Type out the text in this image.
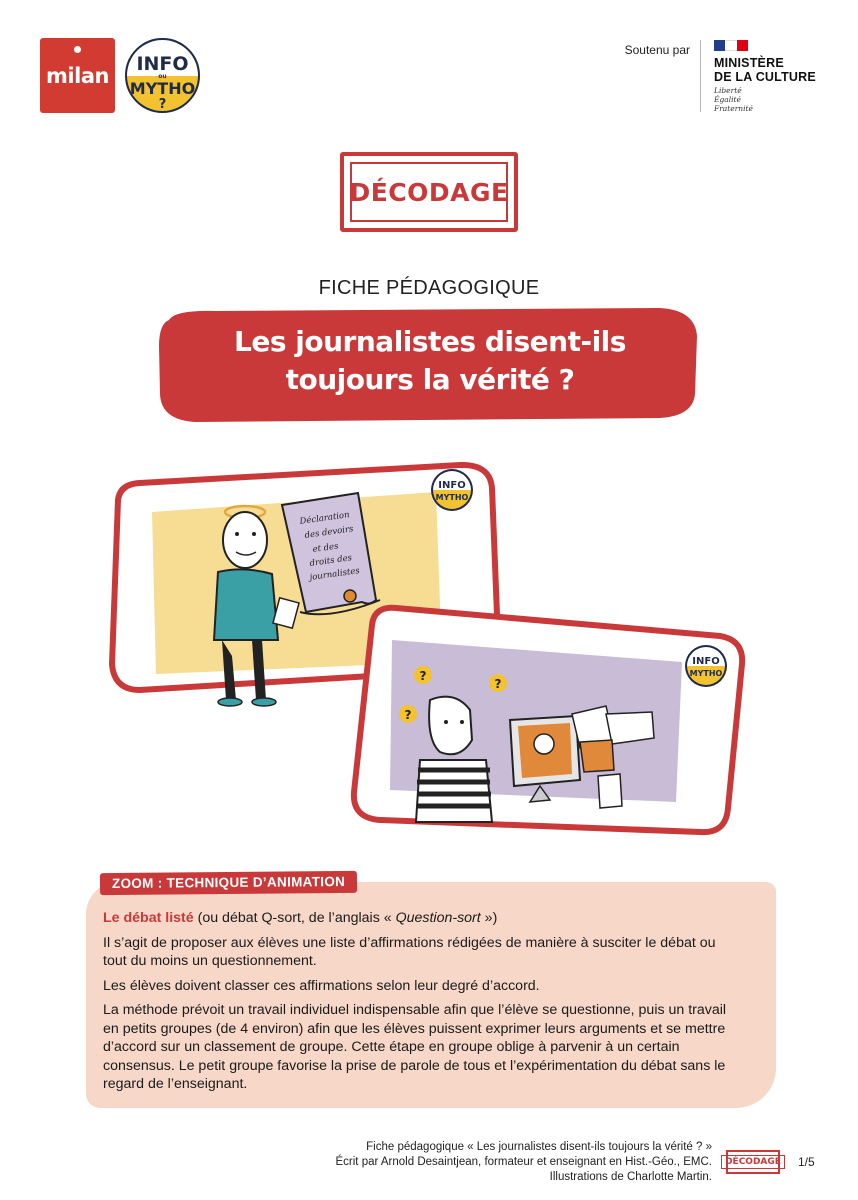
milan	INFO
ou
MYTHO
?
Soutenu par
MINISTÈRE
DE LA CULTURE
Liberté
Égalité
Fraternité
DÉCODAGE
FICHE PÉDAGOGIQUE
Les journalistes disent-ils
toujours la vérité ?
Déclaration
des devoirs
et des
droits des
journalistes
INFO
MYTHO
?
?
?
INFO
MYTHO
ZOOM : TECHNIQUE D’ANIMATION

Le débat listé (ou débat Q-sort, de l’anglais « Question-sort »)

Il s’agit de proposer aux élèves une liste d’affirmations rédigées de manière à susciter le débat ou tout du moins un questionnement.

Les élèves doivent classer ces affirmations selon leur degré d’accord.

La méthode prévoit un travail individuel indispensable afin que l’élève se questionne, puis un travail en petits groupes (de 4 environ) afin que les élèves puissent exprimer leurs arguments et se mettre d’accord sur un classement de groupe. Cette étape en groupe oblige à parvenir à un certain consensus. Le petit groupe favorise la prise de parole de tous et l’expérimentation du débat sans le regard de l’enseignant.

Fiche pédagogique « Les journalistes disent-ils toujours la vérité ? »
Écrit par Arnold Desaintjean, formateur et enseignant en Hist.-Géo., EMC.
Illustrations de Charlotte Martin.
DÉCODAGE	1/5
